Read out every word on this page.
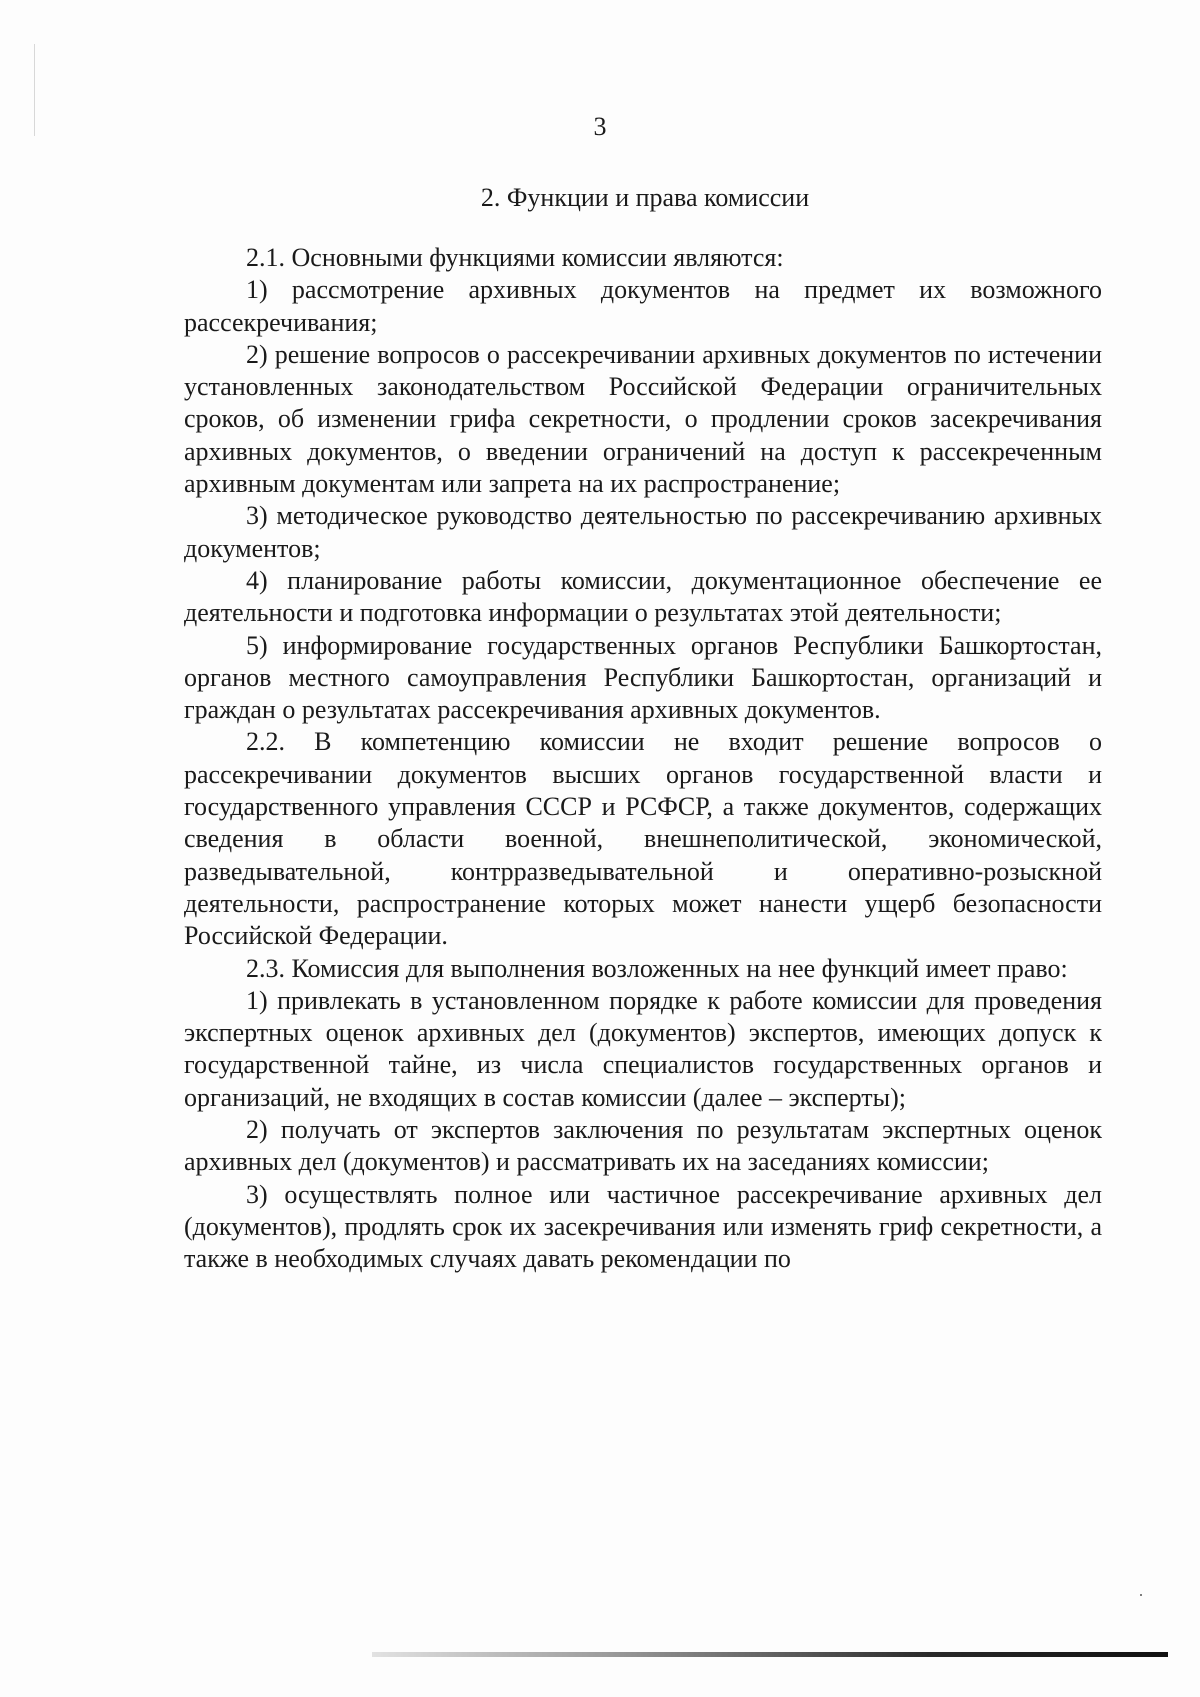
3
2. Функции и права комиссии

2.1. Основными функциями комиссии являются:

1) рассмотрение архивных документов на предмет их возможного рассекречивания;

2) решение вопросов о рассекречивании архивных документов по истечении установленных законодательством Российской Федерации ограничительных сроков, об изменении грифа секретности, о продлении сроков засекречивания архивных документов, о введении ограничений на доступ к рассекреченным архивным документам или запрета на их распространение;

3) методическое руководство деятельностью по рассекречиванию архивных документов;

4) планирование работы комиссии, документационное обеспечение ее деятельности и подготовка информации о результатах этой деятельности;

5) информирование государственных органов Республики Башкортостан, органов местного самоуправления Республики Башкортостан, организаций и граждан о результатах рассекречивания архивных документов.

2.2. В компетенцию комиссии не входит решение вопросов о рассекречивании документов высших органов государственной власти и государственного управления СССР и РСФСР, а также документов, содержащих сведения в области военной, внешнеполитической, экономической, разведывательной, контрразведывательной и оперативно-розыскной деятельности, распространение которых может нанести ущерб безопасности Российской Федерации.

2.3. Комиссия для выполнения возложенных на нее функций имеет право:

1) привлекать в установленном порядке к работе комиссии для проведения экспертных оценок архивных дел (документов) экспертов, имеющих допуск к государственной тайне, из числа специалистов государственных органов и организаций, не входящих в состав комиссии (далее – эксперты);

2) получать от экспертов заключения по результатам экспертных оценок архивных дел (документов) и рассматривать их на заседаниях комиссии;

3) осуществлять полное или частичное рассекречивание архивных дел (документов), продлять срок их засекречивания или изменять гриф секретности, а также в необходимых случаях давать рекомендации по
